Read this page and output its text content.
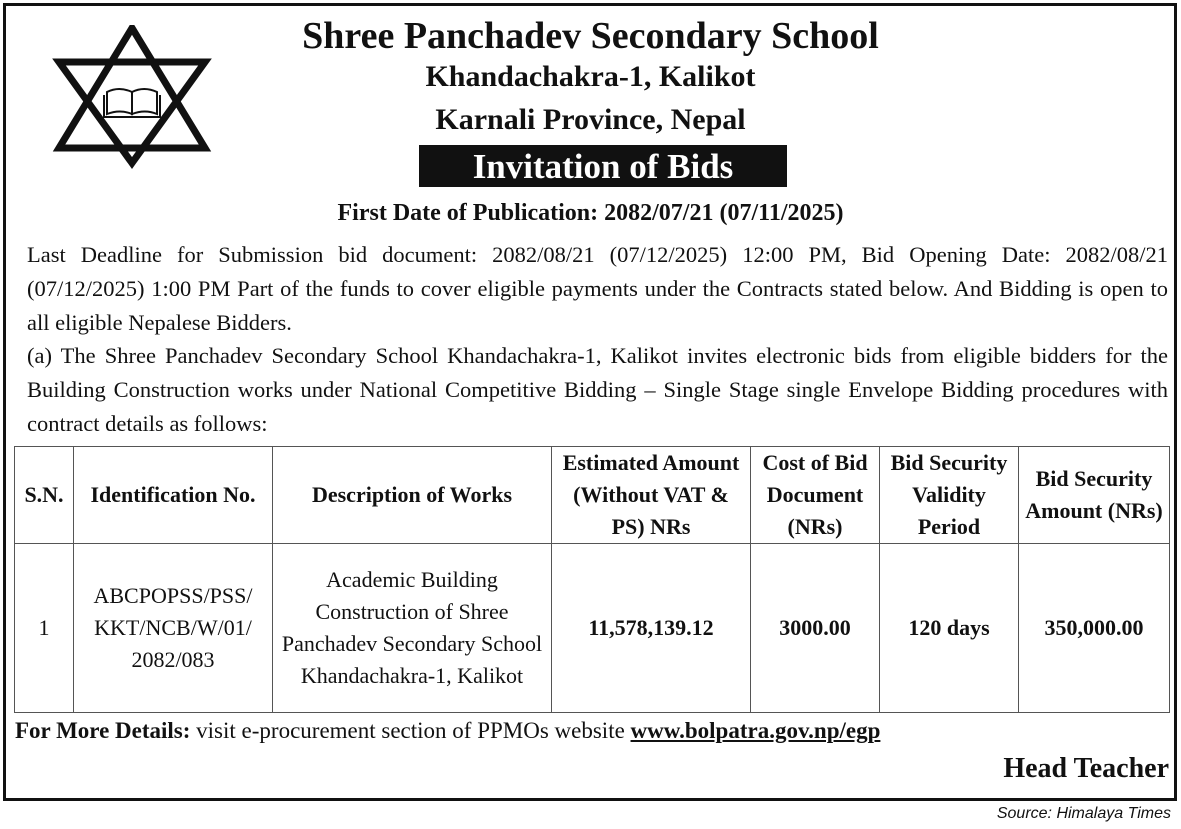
Shree Panchadev Secondary School
Khandachakra-1, Kalikot
Karnali Province, Nepal
Invitation of Bids
First Date of Publication: 2082/07/21 (07/11/2025)
Last Deadline for Submission bid document: 2082/08/21 (07/12/2025) 12:00 PM, Bid Opening Date: 2082/08/21 (07/12/2025) 1:00 PM Part of the funds to cover eligible payments under the Contracts stated below. And Bidding is open to all eligible Nepalese Bidders.
(a) The Shree Panchadev Secondary School Khandachakra-1, Kalikot invites electronic bids from eligible bidders for the Building Construction works under National Competitive Bidding – Single Stage single Envelope Bidding procedures with contract details as follows:
S.N.	Identification No.	Description of Works	Estimated Amount (Without VAT & PS) NRs	Cost of Bid Document (NRs)	Bid Security Validity Period	Bid Security Amount (NRs)
1	ABCPOPSS/PSS/ KKT/NCB/W/01/ 2082/083	Academic Building Construction of Shree Panchadev Secondary School Khandachakra-1, Kalikot	11,578,139.12	3000.00	120 days	350,000.00
For More Details: visit e-procurement section of PPMOs website www.bolpatra.gov.np/egp
Head Teacher
Source: Himalaya Times
